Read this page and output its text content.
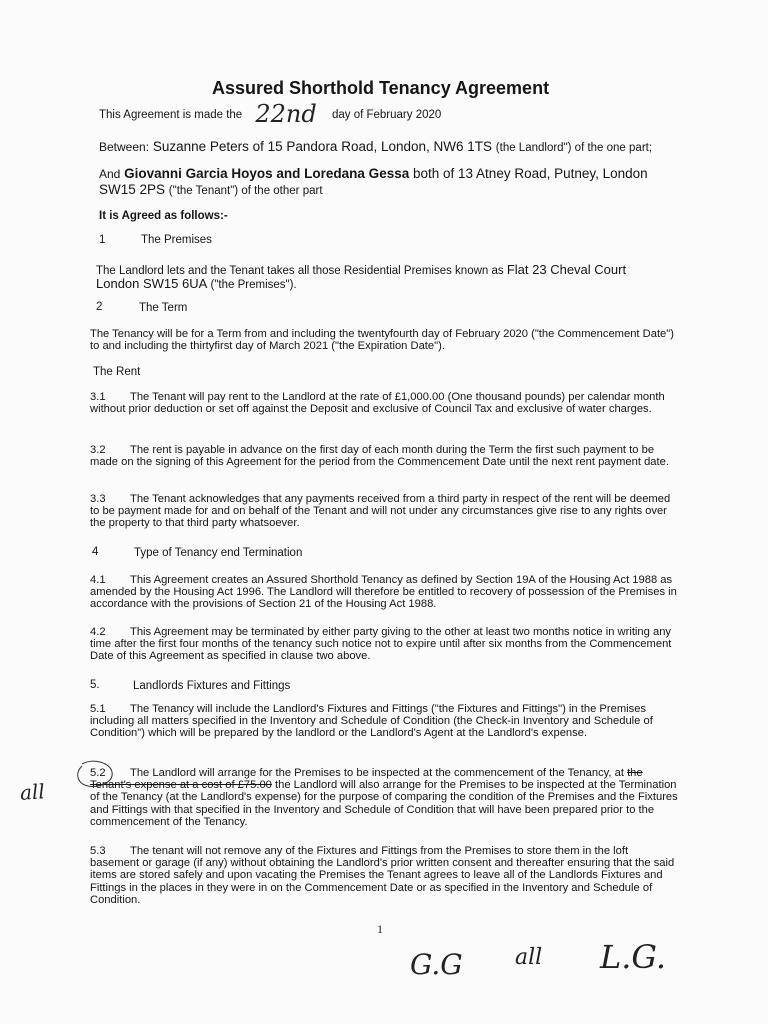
Assured Shorthold Tenancy Agreement
This Agreement is made the 22nd day of February 2020
Between: Suzanne Peters of 15 Pandora Road, London, NW6 1TS (the Landlord") of the one part;
And Giovanni Garcia Hoyos and Loredana Gessa both of 13 Atney Road, Putney, London
SW15 2PS ("the Tenant") of the other part
It is Agreed as follows:-
1	The Premises
The Landlord lets and the Tenant takes all those Residential Premises known as Flat 23 Cheval Court
London SW15 6UA ("the Premises").
2	The Term
The Tenancy will be for a Term from and including the twentyfourth day of February 2020 ("the Commencement Date") to and including the thirtyfirst day of March 2021 ("the Expiration Date").
The Rent
3.1 The Tenant will pay rent to the Landlord at the rate of £1,000.00 (One thousand pounds) per calendar month without prior deduction or set off against the Deposit and exclusive of Council Tax and exclusive of water charges.
3.2 The rent is payable in advance on the first day of each month during the Term the first such payment to be made on the signing of this Agreement for the period from the Commencement Date until the next rent payment date.
3.3 The Tenant acknowledges that any payments received from a third party in respect of the rent will be deemed to be payment made for and on behalf of the Tenant and will not under any circumstances give rise to any rights over the property to that third party whatsoever.
4	Type of Tenancy end Termination
4.1 This Agreement creates an Assured Shorthold Tenancy as defined by Section 19A of the Housing Act 1988 as amended by the Housing Act 1996. The Landlord will therefore be entitled to recovery of possession of the Premises in accordance with the provisions of Section 21 of the Housing Act 1988.
4.2 This Agreement may be terminated by either party giving to the other at least two months notice in writing any time after the first four months of the tenancy such notice not to expire until after six months from the Commencement Date of this Agreement as specified in clause two above.
5.	Landlords Fixtures and Fittings
5.1 The Tenancy will include the Landlord's Fixtures and Fittings ("the Fixtures and Fittings") in the Premises including all matters specified in the Inventory and Schedule of Condition (the Check-in Inventory and Schedule of Condition") which will be prepared by the landlord or the Landlord's Agent at the Landlord's expense.
5.2 The Landlord will arrange for the Premises to be inspected at the commencement of the Tenancy, at the Tenant's expense at a cost of £75.00 the Landlord will also arrange for the Premises to be inspected at the Termination of the Tenancy (at the Landlord's expense) for the purpose of comparing the condition of the Premises and the Fixtures and Fittings with that specified in the Inventory and Schedule of Condition that will have been prepared prior to the commencement of the Tenancy.
all
5.3 The tenant will not remove any of the Fixtures and Fittings from the Premises to store them in the loft basement or garage (if any) without obtaining the Landlord's prior written consent and thereafter ensuring that the said items are stored safely and upon vacating the Premises the Tenant agrees to leave all of the Landlords Fixtures and Fittings in the places in they were in on the Commencement Date or as specified in the Inventory and Schedule of Condition.
1
G.G all L.G.
